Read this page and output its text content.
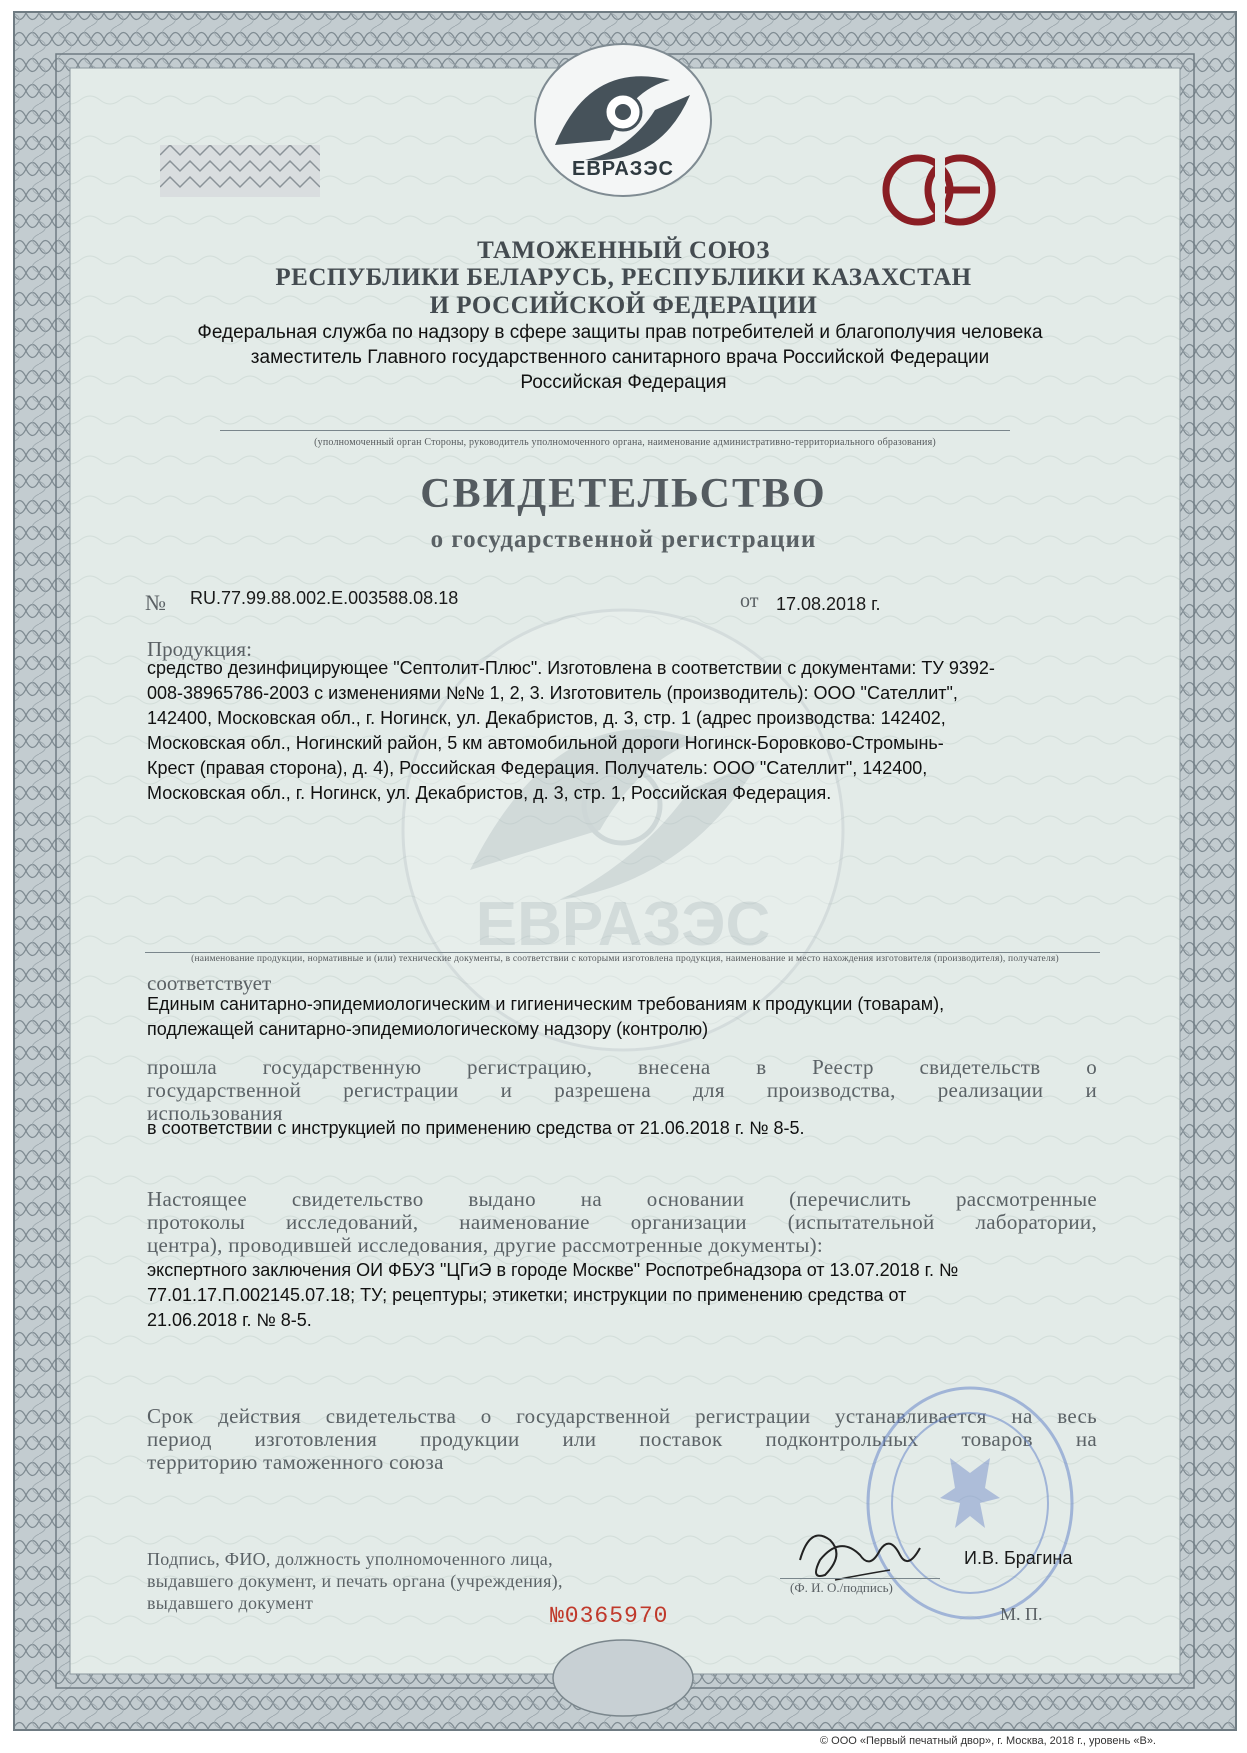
ЕВРАЗЭС
ЕВРАЗЭС
ТАМОЖЕННЫЙ СОЮЗ
РЕСПУБЛИКИ БЕЛАРУСЬ, РЕСПУБЛИКИ КАЗАХСТАН
И РОССИЙСКОЙ ФЕДЕРАЦИИ
Федеральная служба по надзору в сфере защиты прав потребителей и благополучия человека
заместитель Главного государственного санитарного врача Российской Федерации
Российская Федерация
(уполномоченный орган Стороны, руководитель уполномоченного органа, наименование административно-территориального образования)
СВИДЕТЕЛЬСТВО
о государственной регистрации
№ RU.77.99.88.002.Е.003588.08.18	от 17.08.2018 г.
Продукция:
средство дезинфицирующее "Септолит-Плюс". Изготовлена в соответствии с документами: ТУ 9392-
008-38965786-2003 с изменениями №№ 1, 2, 3. Изготовитель (производитель): ООО "Сателлит",
142400, Московская обл., г. Ногинск, ул. Декабристов, д. 3, стр. 1 (адрес производства: 142402,
Московская обл., Ногинский район, 5 км автомобильной дороги Ногинск-Боровково-Стромынь-
Крест (правая сторона), д. 4), Российская Федерация. Получатель: ООО "Сателлит", 142400,
Московская обл., г. Ногинск, ул. Декабристов, д. 3, стр. 1, Российская Федерация.
(наименование продукции, нормативные и (или) технические документы, в соответствии с которыми изготовлена продукция, наименование и место нахождения изготовителя (производителя), получателя)
соответствует
Единым санитарно-эпидемиологическим и гигиеническим требованиям к продукции (товарам),
подлежащей санитарно-эпидемиологическому надзору (контролю)
прошла государственную регистрацию, внесена в Реестр свидетельств о
государственной регистрации и разрешена для производства, реализации и
использования
в соответствии с инструкцией по применению средства от 21.06.2018 г. № 8-5.
Настоящее свидетельство выдано на основании (перечислить рассмотренные
протоколы исследований, наименование организации (испытательной лаборатории,
центра), проводившей исследования, другие рассмотренные документы):
экспертного заключения ОИ ФБУЗ "ЦГиЭ в городе Москве" Роспотребнадзора от 13.07.2018 г. №
77.01.17.П.002145.07.18; ТУ; рецептуры; этикетки; инструкции по применению средства от
21.06.2018 г. № 8-5.
Срок действия свидетельства о государственной регистрации устанавливается на весь
период изготовления продукции или поставок подконтрольных товаров на
территорию таможенного союза
Подпись, ФИО, должность уполномоченного лица,
выдавшего документ, и печать органа (учреждения),
выдавшего документ
И.В. Брагина
(Ф. И. О./подпись)
М. П.
№0365970
© ООО «Первый печатный двор», г. Москва, 2018 г., уровень «В».
